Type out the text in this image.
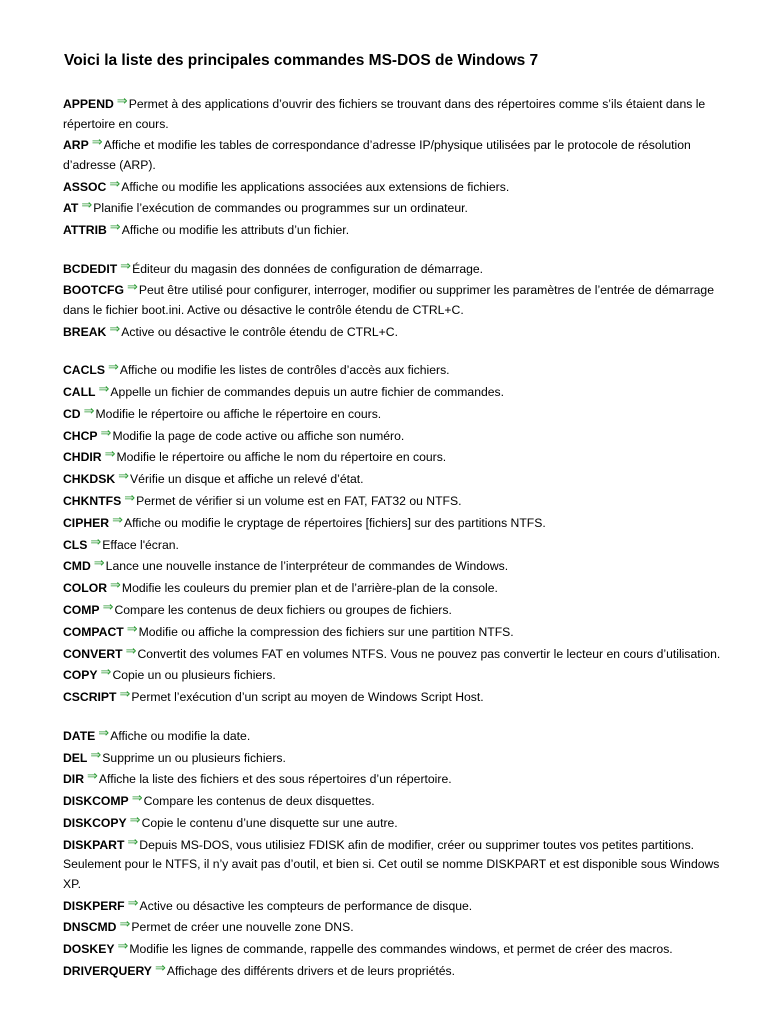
Voici la liste des principales commandes MS-DOS de Windows 7
APPEND ⇒Permet à des applications d’ouvrir des fichiers se trouvant dans des répertoires comme s’ils étaient dans le répertoire en cours.
ARP ⇒Affiche et modifie les tables de correspondance d’adresse IP/physique utilisées par le protocole de résolution d’adresse (ARP).
ASSOC ⇒Affiche ou modifie les applications associées aux extensions de fichiers.
AT ⇒Planifie l’exécution de commandes ou programmes sur un ordinateur.
ATTRIB ⇒Affiche ou modifie les attributs d’un fichier.
BCDEDIT ⇒Éditeur du magasin des données de configuration de démarrage.
BOOTCFG ⇒Peut être utilisé pour configurer, interroger, modifier ou supprimer les paramètres de l’entrée de démarrage dans le fichier boot.ini. Active ou désactive le contrôle étendu de CTRL+C.
BREAK ⇒Active ou désactive le contrôle étendu de CTRL+C.
CACLS ⇒Affiche ou modifie les listes de contrôles d’accès aux fichiers.
CALL ⇒Appelle un fichier de commandes depuis un autre fichier de commandes.
CD ⇒Modifie le répertoire ou affiche le répertoire en cours.
CHCP ⇒Modifie la page de code active ou affiche son numéro.
CHDIR ⇒Modifie le répertoire ou affiche le nom du répertoire en cours.
CHKDSK ⇒Vérifie un disque et affiche un relevé d’état.
CHKNTFS ⇒Permet de vérifier si un volume est en FAT, FAT32 ou NTFS.
CIPHER ⇒Affiche ou modifie le cryptage de répertoires [fichiers] sur des partitions NTFS.
CLS ⇒Efface l'écran.
CMD ⇒Lance une nouvelle instance de l’interpréteur de commandes de Windows.
COLOR ⇒Modifie les couleurs du premier plan et de l’arrière-plan de la console.
COMP ⇒Compare les contenus de deux fichiers ou groupes de fichiers.
COMPACT ⇒Modifie ou affiche la compression des fichiers sur une partition NTFS.
CONVERT ⇒Convertit des volumes FAT en volumes NTFS. Vous ne pouvez pas convertir le lecteur en cours d’utilisation.
COPY ⇒Copie un ou plusieurs fichiers.
CSCRIPT ⇒Permet l’exécution d’un script au moyen de Windows Script Host.
DATE ⇒Affiche ou modifie la date.
DEL ⇒Supprime un ou plusieurs fichiers.
DIR ⇒Affiche la liste des fichiers et des sous répertoires d’un répertoire.
DISKCOMP ⇒Compare les contenus de deux disquettes.
DISKCOPY ⇒Copie le contenu d’une disquette sur une autre.
DISKPART ⇒Depuis MS-DOS, vous utilisiez FDISK afin de modifier, créer ou supprimer toutes vos petites partitions. Seulement pour le NTFS, il n’y avait pas d’outil, et bien si. Cet outil se nomme DISKPART et est disponible sous Windows XP.
DISKPERF ⇒Active ou désactive les compteurs de performance de disque.
DNSCMD ⇒Permet de créer une nouvelle zone DNS.
DOSKEY ⇒Modifie les lignes de commande, rappelle des commandes windows, et permet de créer des macros.
DRIVERQUERY ⇒Affichage des différents drivers et de leurs propriétés.
